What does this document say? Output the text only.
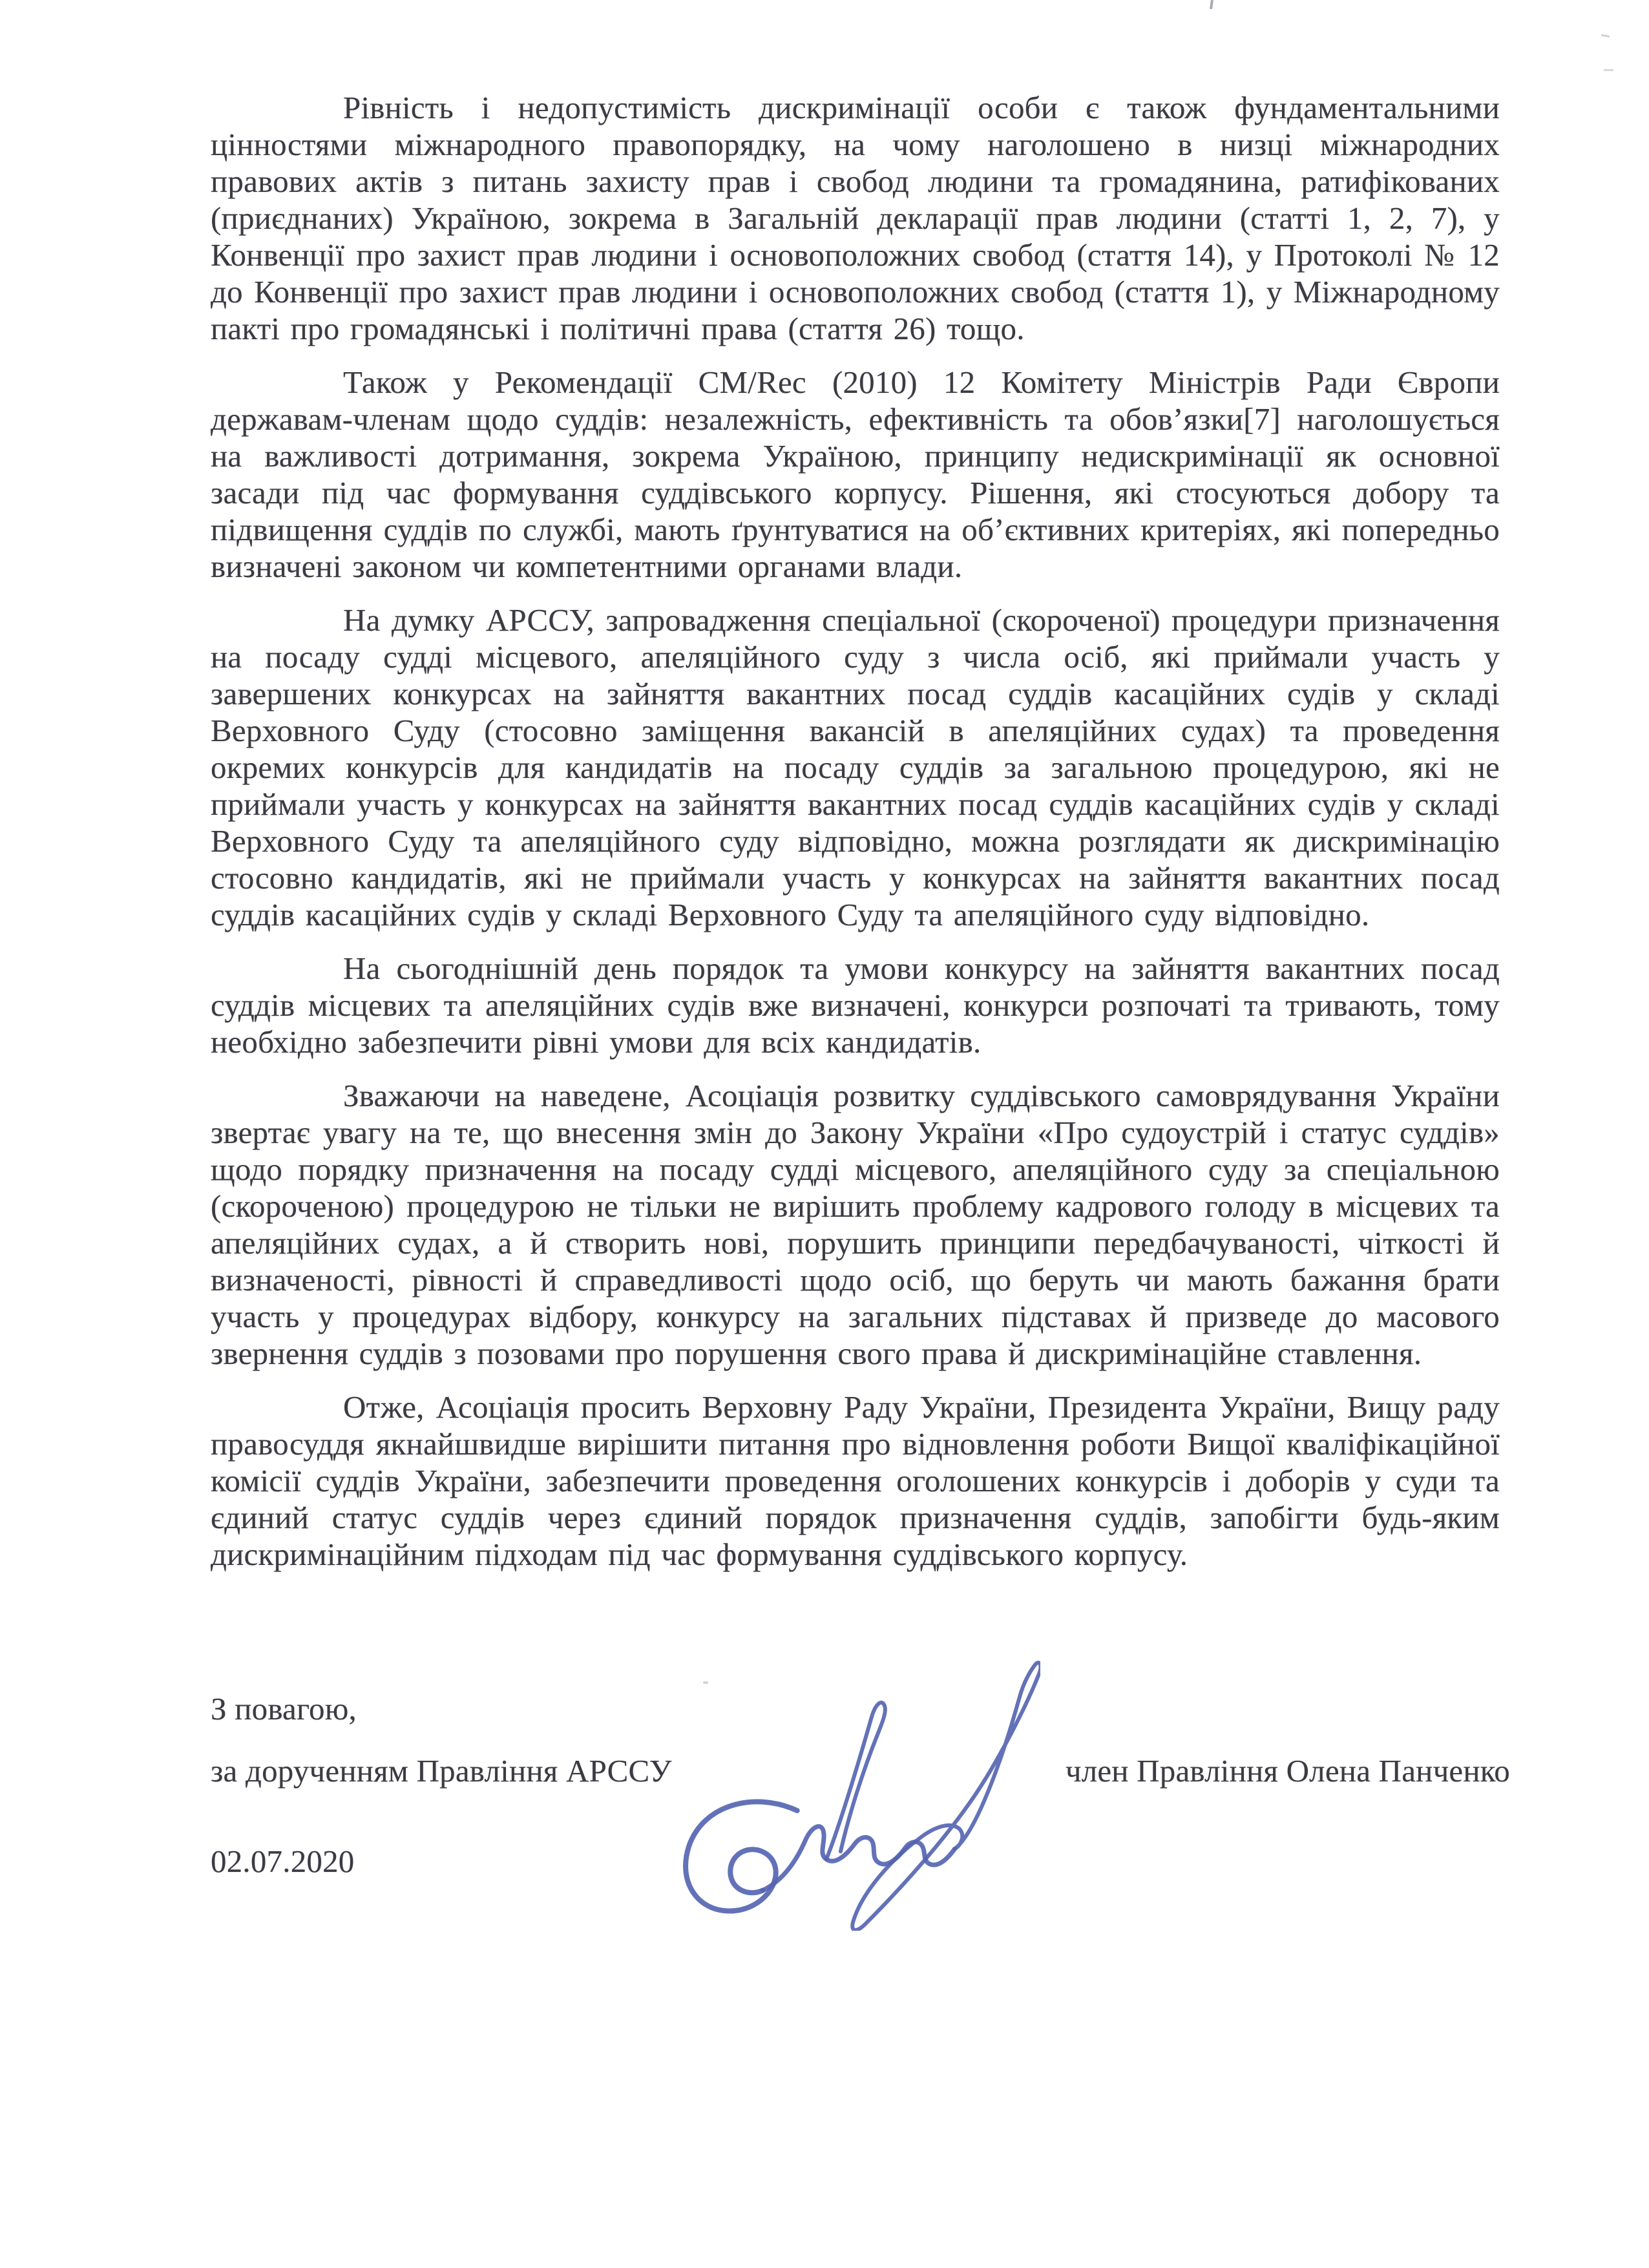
Рівність і недопустимість дискримінації особи є також фундаментальними цінностями міжнародного правопорядку, на чому наголошено в низці міжнародних правових актів з питань захисту прав і свобод людини та громадянина, ратифікованих (приєднаних) Україною, зокрема в Загальній декларації прав людини (статті 1, 2, 7), у Конвенції про захист прав людини і основоположних свобод (стаття 14), у Протоколі № 12 до Конвенції про захист прав людини і основоположних свобод (стаття 1), у Міжнародному пакті про громадянські і політичні права (стаття 26) тощо.

Також у Рекомендації CM/Rec (2010) 12 Комітету Міністрів Ради Європи державам-членам щодо суддів: незалежність, ефективність та обов’язки[7] наголошується на важливості дотримання, зокрема Україною, принципу недискримінації як основної засади під час формування суддівського корпусу. Рішення, які стосуються добору та підвищення суддів по службі, мають ґрунтуватися на об’єктивних критеріях, які попередньо визначені законом чи компетентними органами влади.

На думку АРССУ, запровадження спеціальної (скороченої) процедури призначення на посаду судді місцевого, апеляційного суду з числа осіб, які приймали участь у завершених конкурсах на зайняття вакантних посад суддів касаційних судів у складі Верховного Суду (стосовно заміщення вакансій в апеляційних судах) та проведення окремих конкурсів для кандидатів на посаду суддів за загальною процедурою, які не приймали участь у конкурсах на зайняття вакантних посад суддів касаційних судів у складі Верховного Суду та апеляційного суду відповідно, можна розглядати як дискримінацію стосовно кандидатів, які не приймали участь у конкурсах на зайняття вакантних посад суддів касаційних судів у складі Верховного Суду та апеляційного суду відповідно.

На сьогоднішній день порядок та умови конкурсу на зайняття вакантних посад суддів місцевих та апеляційних судів вже визначені, конкурси розпочаті та тривають, тому необхідно забезпечити рівні умови для всіх кандидатів.

Зважаючи на наведене, Асоціація розвитку суддівського самоврядування України звертає увагу на те, що внесення змін до Закону України «Про судоустрій і статус суддів» щодо порядку призначення на посаду судді місцевого, апеляційного суду за спеціальною (скороченою) процедурою не тільки не вирішить проблему кадрового голоду в місцевих та апеляційних судах, а й створить нові, порушить принципи передбачуваності, чіткості й визначеності, рівності й справедливості щодо осіб, що беруть чи мають бажання брати участь у процедурах відбору, конкурсу на загальних підставах й призведе до масового звернення суддів з позовами про порушення свого права й дискримінаційне ставлення.

Отже, Асоціація просить Верховну Раду України, Президента України, Вищу раду правосуддя якнайшвидше вирішити питання про відновлення роботи Вищої кваліфікаційної комісії суддів України, забезпечити проведення оголошених конкурсів і доборів у суди та єдиний статус суддів через єдиний порядок призначення суддів, запобігти будь-яким дискримінаційним підходам під час формування суддівського корпусу.

З повагою,
за дорученням Правління АРССУ	член Правління Олена Панченко
02.07.2020
